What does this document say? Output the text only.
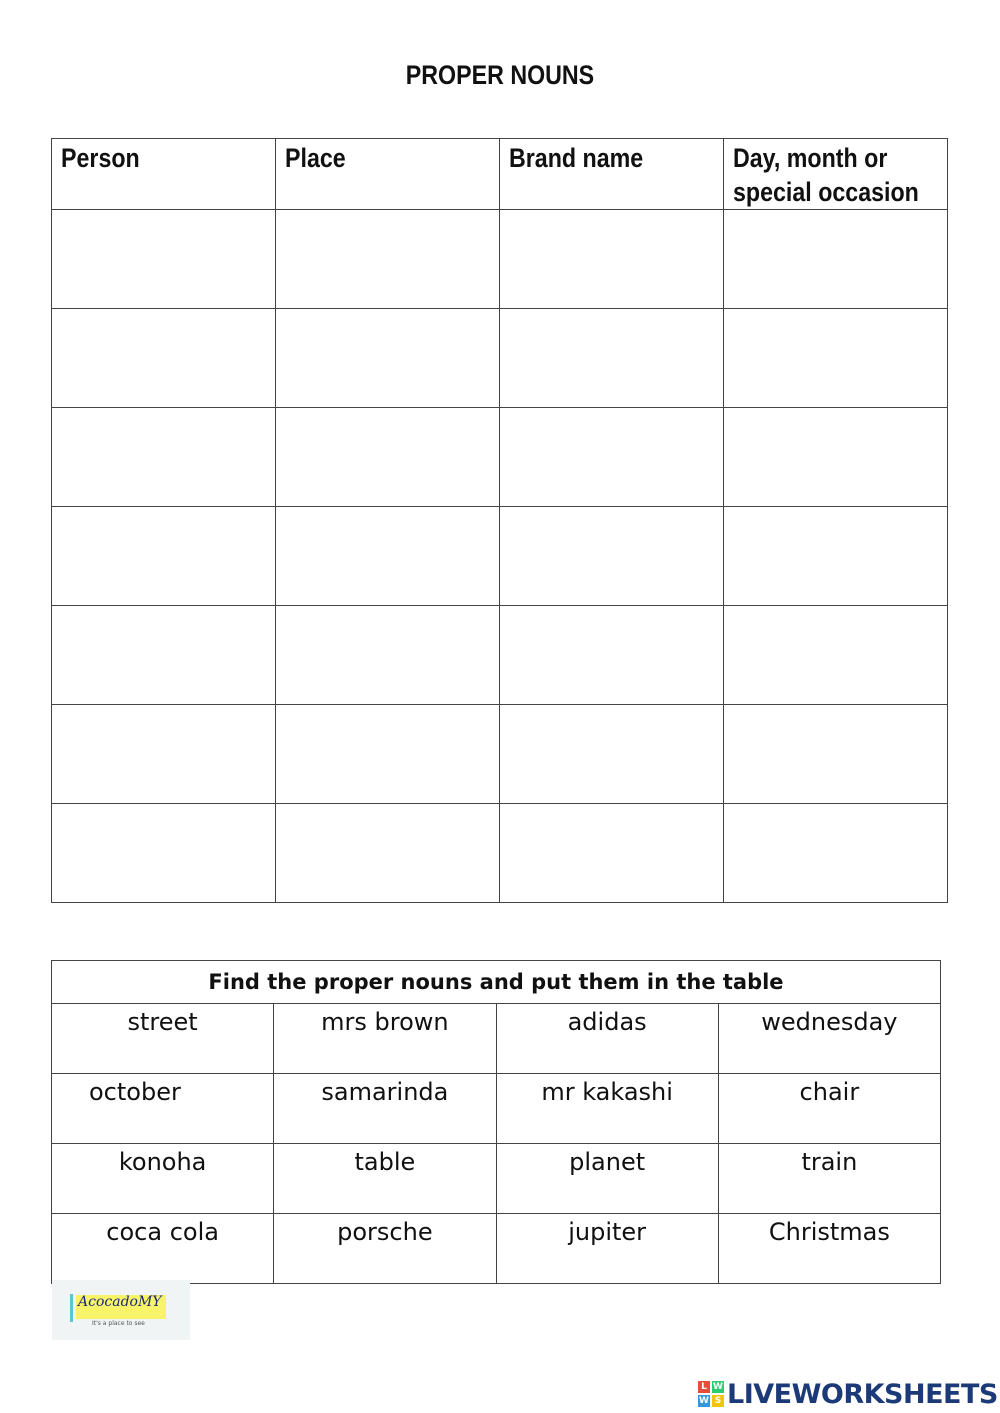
PROPER NOUNS
Person	Place	Brand name	Day, month or
special occasion

Find the proper nouns and put them in the table			
street	mrs brown	adidas	wednesday
october	samarinda	mr kakashi	chair
konoha	table	planet	train
coca cola	porsche	jupiter	Christmas
AcocadoMY
It's a place to see
L W
W S LIVEWORKSHEETS
